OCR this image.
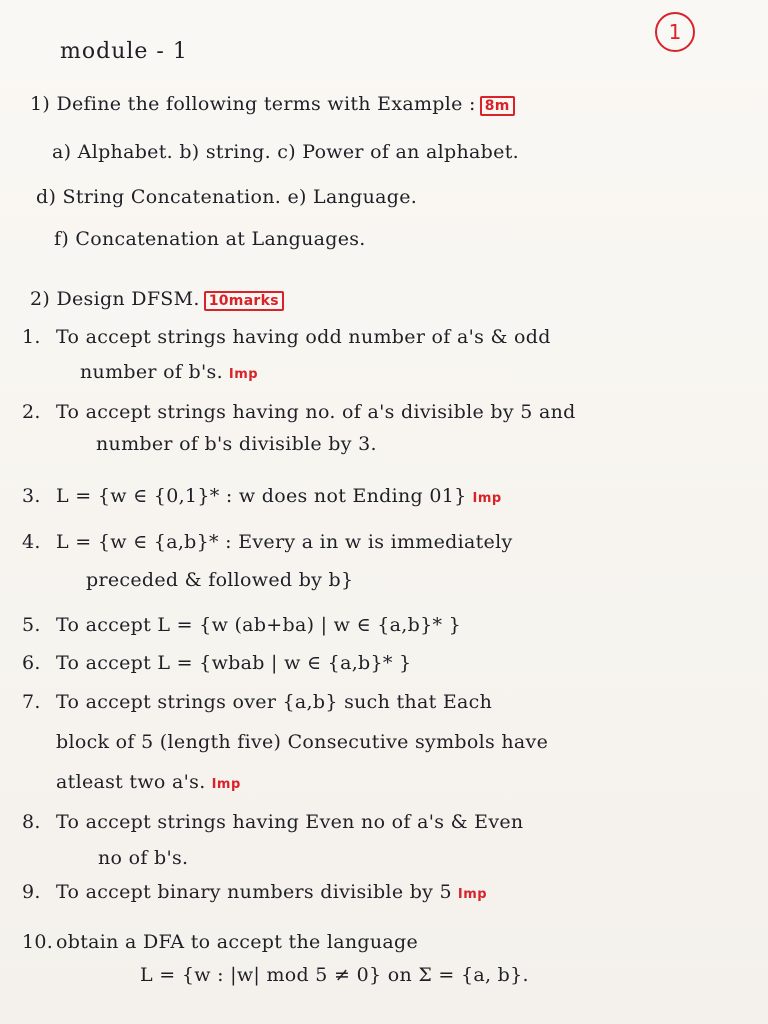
1
module - 1
1) Define the following terms with Example : 8m
a) Alphabet. b) string. c) Power of an alphabet.
d) String Concatenation. e) Language.
f) Concatenation at Languages.
2) Design DFSM. 10marks
1. To accept strings having odd number of a's & odd
number of b's. Imp
2. To accept strings having no. of a's divisible by 5 and
number of b's divisible by 3.
3. L = {w ∈ {0,1}* : w does not Ending 01} Imp
4. L = {w ∈ {a,b}* : Every a in w is immediately
preceded & followed by b}
5. To accept L = {w (ab+ba) | w ∈ {a,b}* }
6. To accept L = {wbab | w ∈ {a,b}* }
7. To accept strings over {a,b} such that Each
block of 5 (length five) Consecutive symbols have
atleast two a's. Imp
8. To accept strings having Even no of a's & Even
no of b's.
9. To accept binary numbers divisible by 5 Imp
10. obtain a DFA to accept the language
L = {w : |w| mod 5 ≠ 0} on Σ = {a, b}.
